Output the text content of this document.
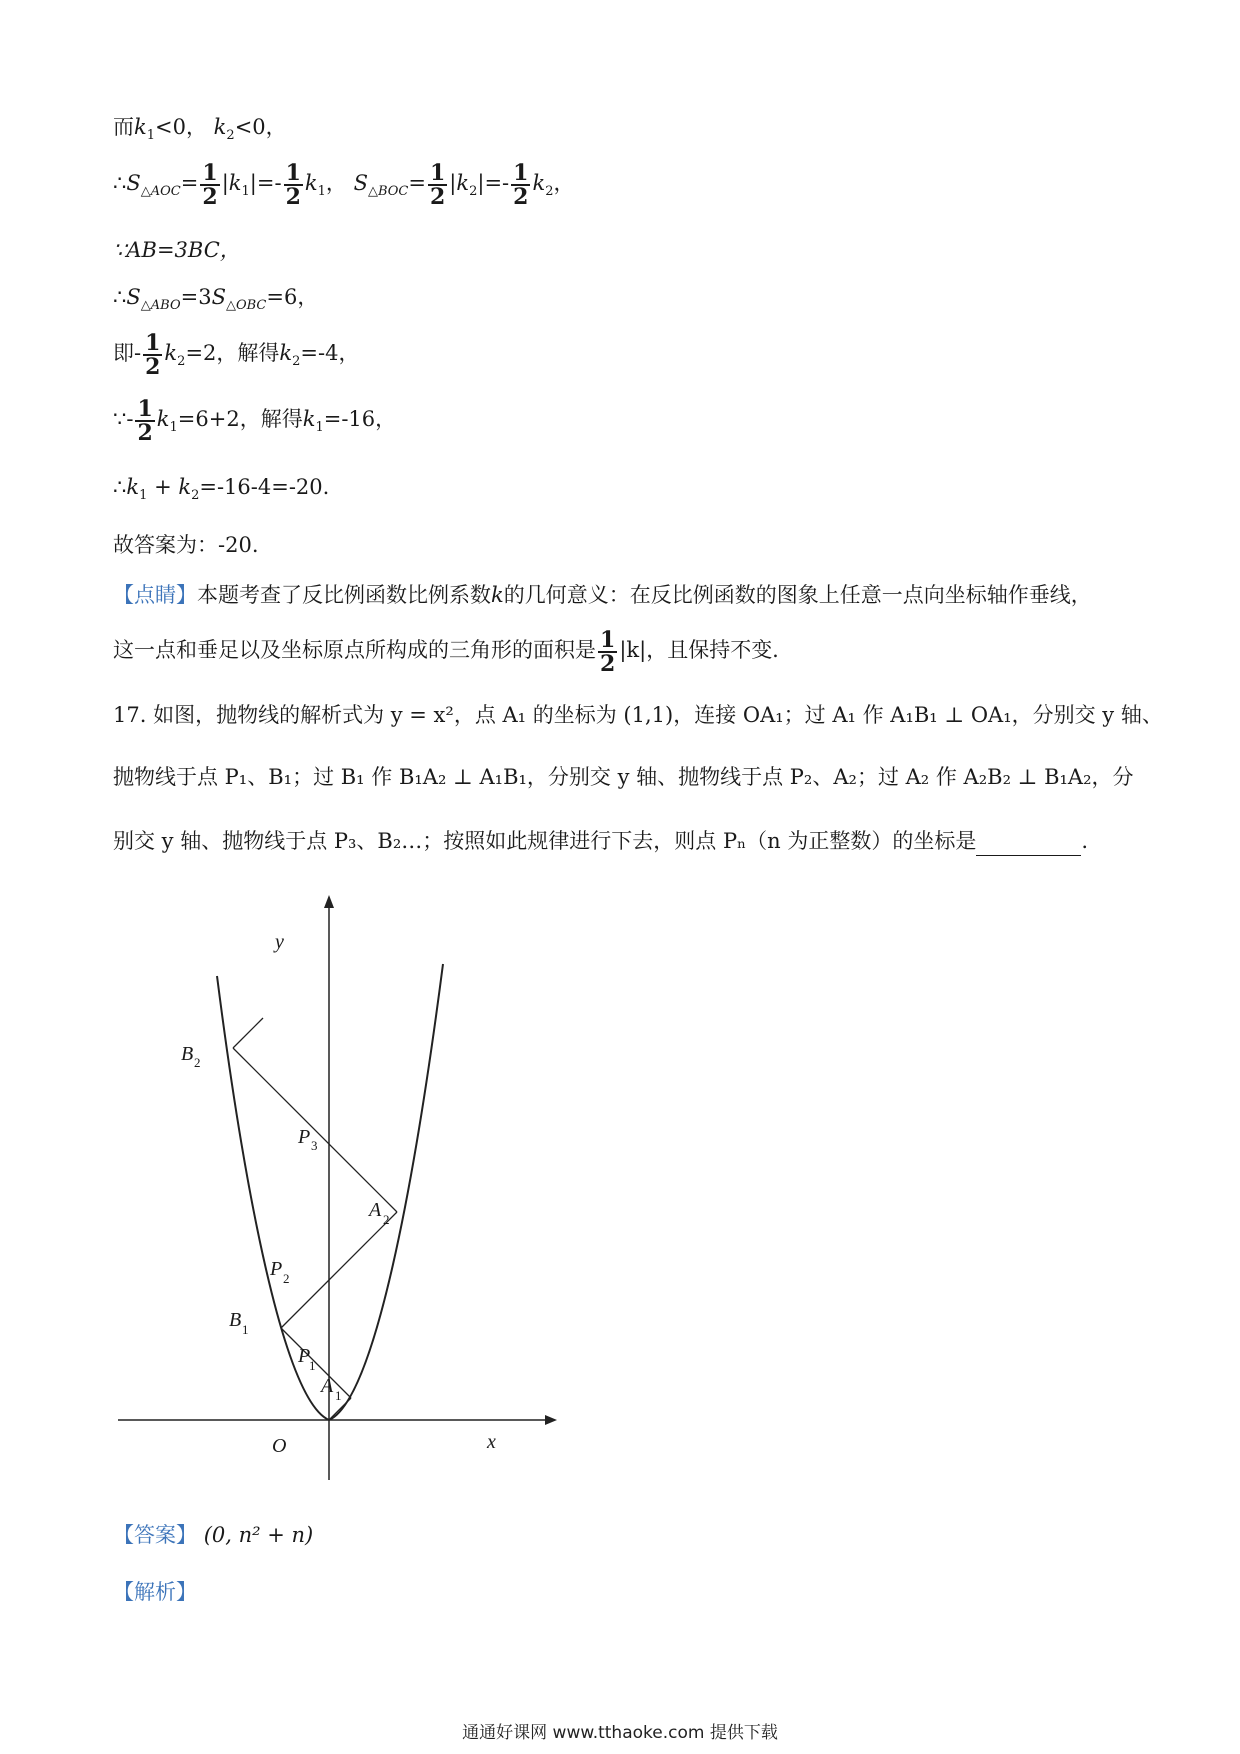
而$k_1<0$， $k_2<0$，
$\therefore S_{\triangle AOC}= \frac{1}{2} |k_1|=- \frac{1}{2} k_1$， $S_{\triangle BOC}= \frac{1}{2} |k_2|=- \frac{1}{2} k_2$，
∵AB=3BC，
$\therefore S_{\triangle ABO}=3S_{\triangle OBC}=6$，
即- $\frac{1}{2} k_2=2$，解得$k_2=-4$，
∵- $\frac{1}{2} k_1=6+2$，解得$k_1=-16$，
$\therefore k_1 + k_2=-16-4=-20$.
故答案为：-20.
【点睛】本题考查了反比例函数比例系数k的几何意义：在反比例函数的图象上任意一点向坐标轴作垂线，
这一点和垂足以及坐标原点所构成的三角形的面积是 $\frac{1}{2} |k|$，且保持不变.
17. 如图，抛物线的解析式为 y = x²，点 A₁ 的坐标为 (1,1)，连接 OA₁；过 A₁ 作 A₁B₁ ⊥ OA₁，分别交 y 轴、
抛物线于点 P₁、B₁；过 B₁ 作 B₁A₂ ⊥ A₁B₁，分别交 y 轴、抛物线于点 P₂、A₂；过 A₂ 作 A₂B₂ ⊥ B₁A₂，分
别交 y 轴、抛物线于点 P₃、B₂…；按照如此规律进行下去，则点 Pₙ（n 为正整数）的坐标是	.
y
x
O
B 2
P 3
A 2
P 2
B 1
P
1
A 1
【答案】 (0, n² + n)
【解析】
通通好课网 www.tthaoke.com 提供下载
